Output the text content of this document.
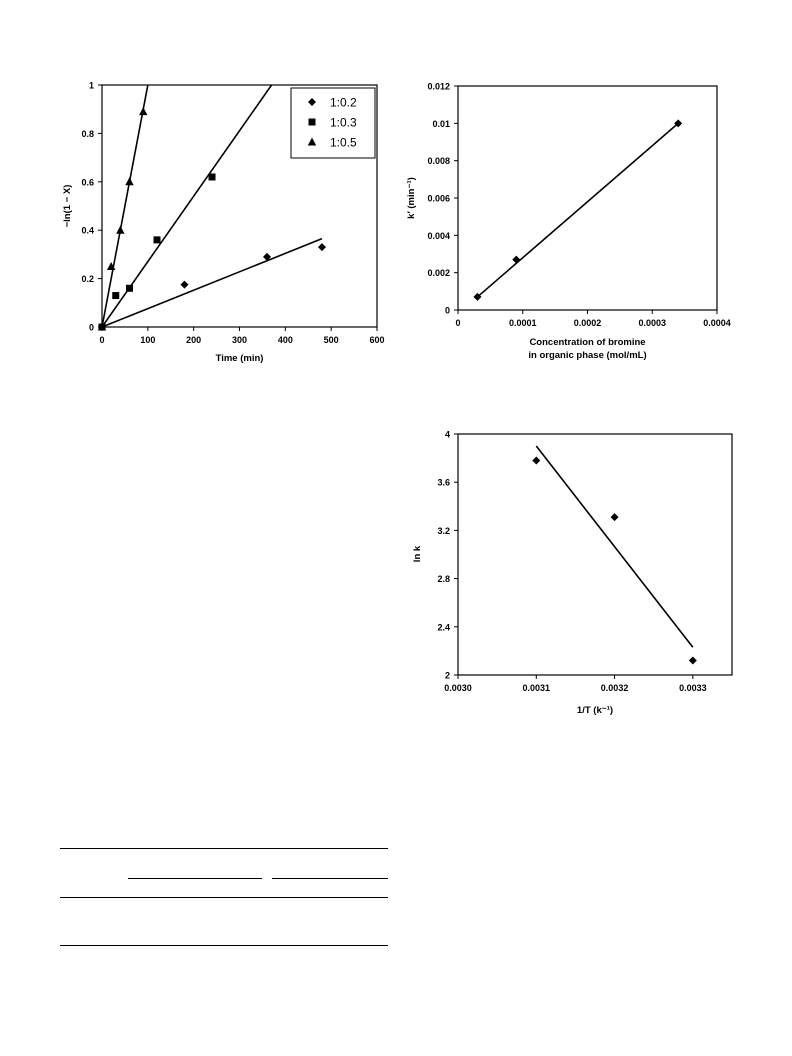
0	100	200	300	400	500	600
0
0.2
0.4
0.6
0.8
1
Time (min)
−ln(1 − X)
1:0.2
1:0.3
1:0.5
0	0.0001	0.0002	0.0003	0.0004
0
0.002
0.004
0.006
0.008
0.01
0.012
Concentration of bromine
in organic phase (mol/mL)
k′ (min⁻¹)
0.0030	0.0031	0.0032	0.0033
2
2.4
2.8
3.2
3.6
4
1/T (k⁻¹)
ln k
